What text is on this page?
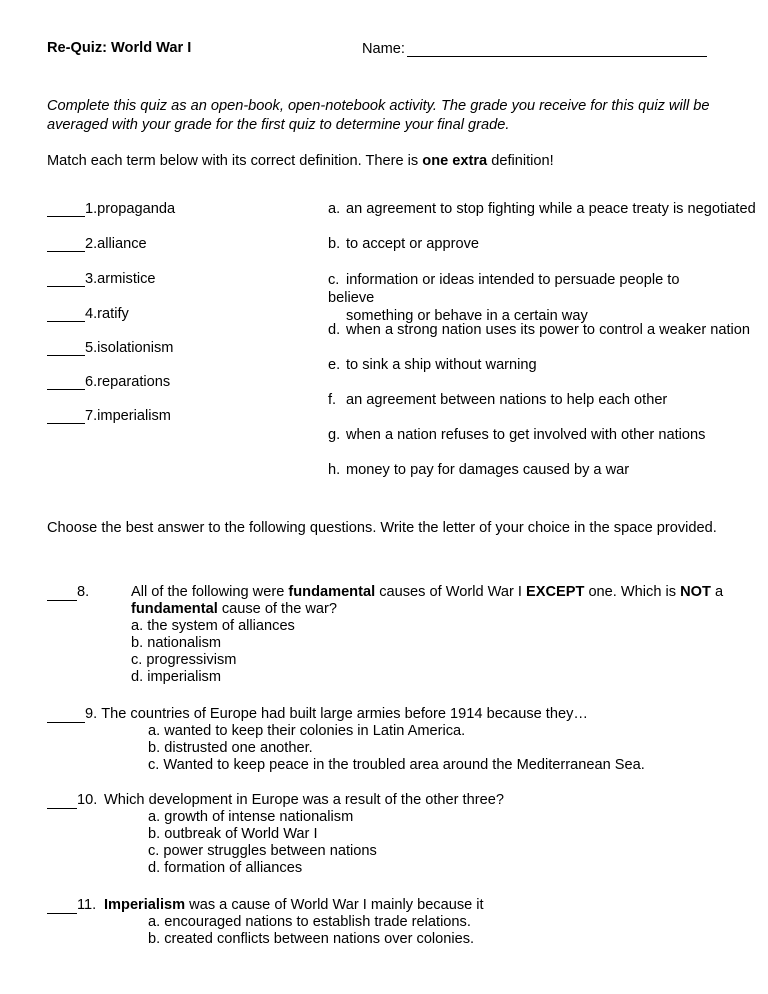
Re-Quiz: World War I	Name:
Complete this quiz as an open-book, open-notebook activity. The grade you receive for this quiz will be averaged with your grade for the first quiz to determine your final grade.
Match each term below with its correct definition. There is one extra definition!
1.propaganda
2.alliance
3.armistice
4.ratify
5.isolationism
6.reparations
7.imperialism
a. an agreement to stop fighting while a peace treaty is negotiated
b. to accept or approve
c. information or ideas intended to persuade people to believe
something or behave in a certain way
d. when a strong nation uses its power to control a weaker nation
e. to sink a ship without warning
f. an agreement between nations to help each other
g. when a nation refuses to get involved with other nations
h. money to pay for damages caused by a war
Choose the best answer to the following questions. Write the letter of your choice in the space provided.
8.	All of the following were fundamental causes of World War I EXCEPT one. Which is NOT a fundamental cause of the war?
a. the system of alliances
b. nationalism
c. progressivism
d. imperialism
9. The countries of Europe had built large armies before 1914 because they…
a. wanted to keep their colonies in Latin America.
b. distrusted one another.
c. Wanted to keep peace in the troubled area around the Mediterranean Sea.
10. Which development in Europe was a result of the other three?
a. growth of intense nationalism
b. outbreak of World War I
c. power struggles between nations
d. formation of alliances
11. Imperialism was a cause of World War I mainly because it
a. encouraged nations to establish trade relations.
b. created conflicts between nations over colonies.
